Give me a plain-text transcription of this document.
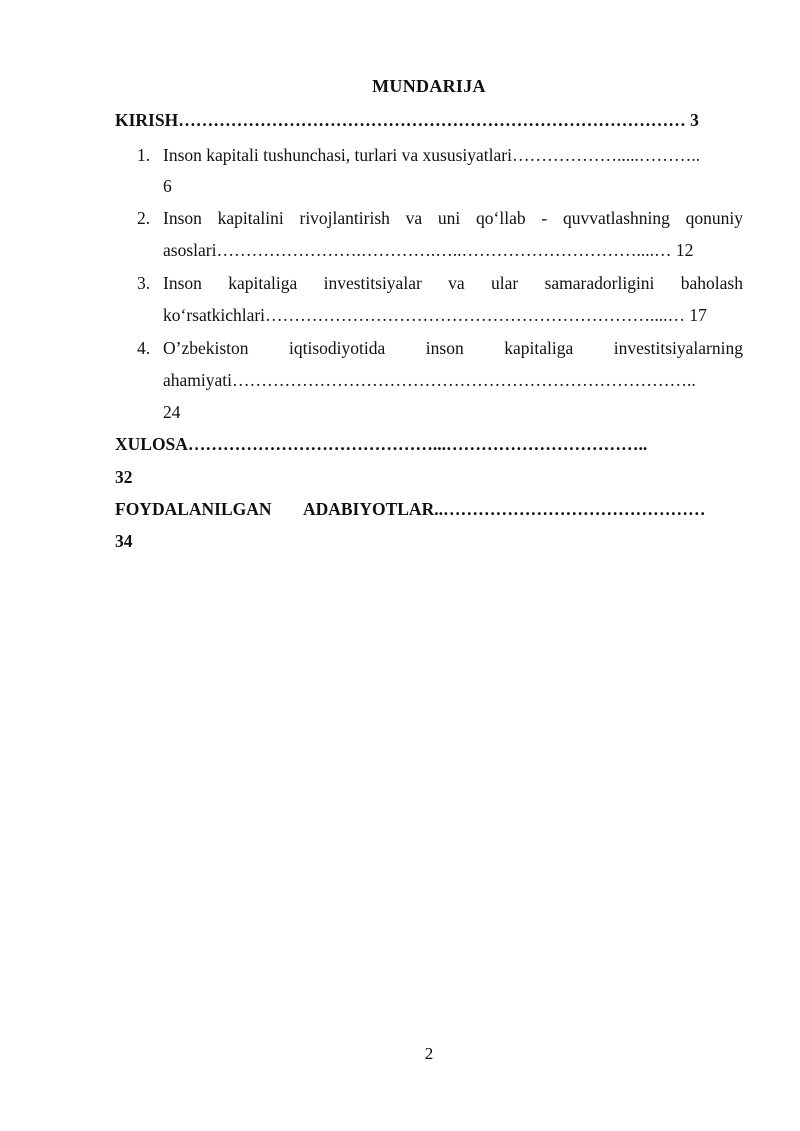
MUNDARIJA
KIRISH…………………………………………………………………………… 3
1. Inson kapitali tushunchasi, turlari va xususiyatlari……………….....………..
6
2. Inson kapitalini rivojlantirish va uni qo‘llab - quvvatlashning qonuniy
asoslari…………………….………….…..…………………………....… 12
3. Inson kapitaliga investitsiyalar va ular samaradorligini baholash
ko‘rsatkichlari…………………………………………………………....… 17
4. O’zbekiston iqtisodiyotida inson kapitaliga investitsiyalarning
ahamiyati……………………………………………………………………..
24
XULOSA……………………………………...……………………………..
32
FOYDALANILGAN ADABIYOTLAR..………………………………………
34
2
